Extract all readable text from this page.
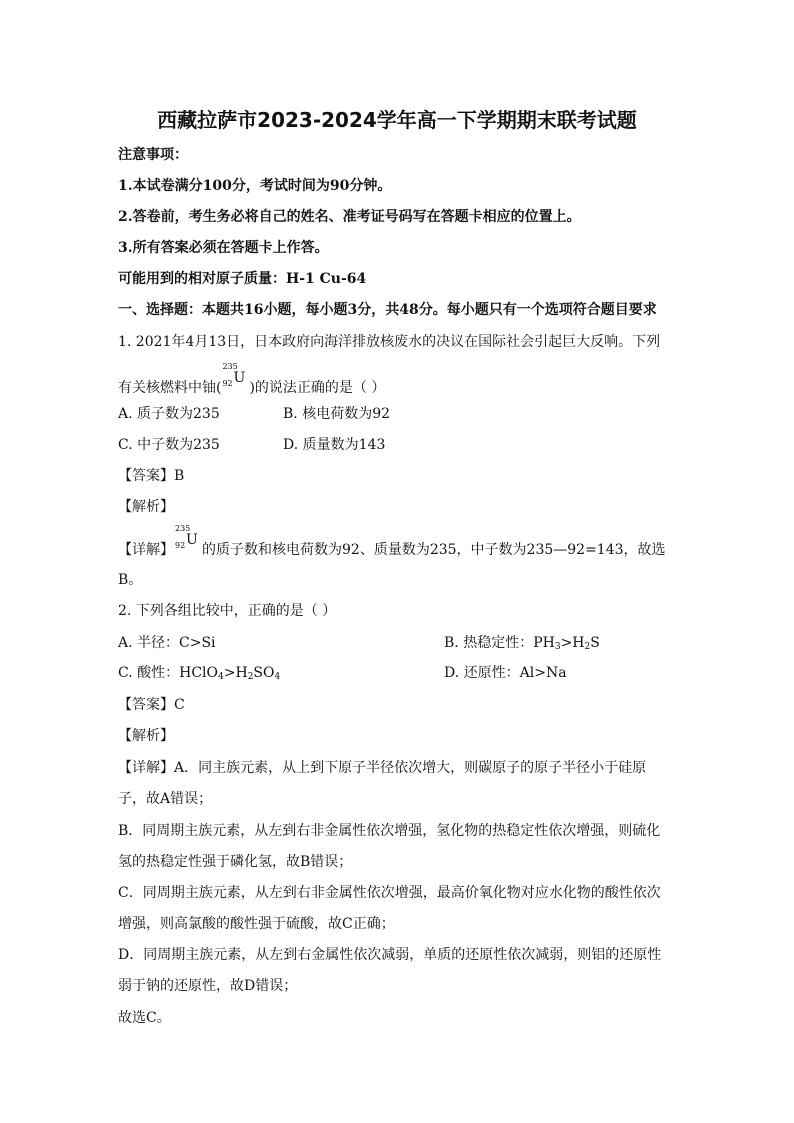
西藏拉萨市2023-2024学年高一下学期期末联考试题
注意事项：
1.本试卷满分100分，考试时间为90分钟。
2.答卷前，考生务必将自己的姓名、准考证号码写在答题卡相应的位置上。
3.所有答案必须在答题卡上作答。
可能用到的相对原子质量：H-1 Cu-64
一、选择题：本题共16小题，每小题3分，共48分。每小题只有一个选项符合题目要求
1. 2021年4月13日，日本政府向海洋排放核废水的决议在国际社会引起巨大反响。下列
有关核燃料中铀(
235
92 U
)的说法正确的是（ ）
A. 质子数为235	B. 核电荷数为92
C. 中子数为235	D. 质量数为143
【答案】B
【解析】
【详解】
235
92 U
的质子数和核电荷数为92、质量数为235，中子数为235—92=143，故选
B。
2. 下列各组比较中，正确的是（ ）
A. 半径：C>Si	B. 热稳定性：$PH_3>H_2S$
C. 酸性：$HClO_4>H_2SO_4$	D. 还原性：Al>Na
【答案】C
【解析】
【详解】A．同主族元素，从上到下原子半径依次增大，则碳原子的原子半径小于硅原
子，故A错误；
B．同周期主族元素，从左到右非金属性依次增强，氢化物的热稳定性依次增强，则硫化
氢的热稳定性强于磷化氢，故B错误；
C．同周期主族元素，从左到右非金属性依次增强，最高价氧化物对应水化物的酸性依次
增强，则高氯酸的酸性强于硫酸，故C正确；
D．同周期主族元素，从左到右金属性依次减弱，单质的还原性依次减弱，则铝的还原性
弱于钠的还原性，故D错误；
故选C。
